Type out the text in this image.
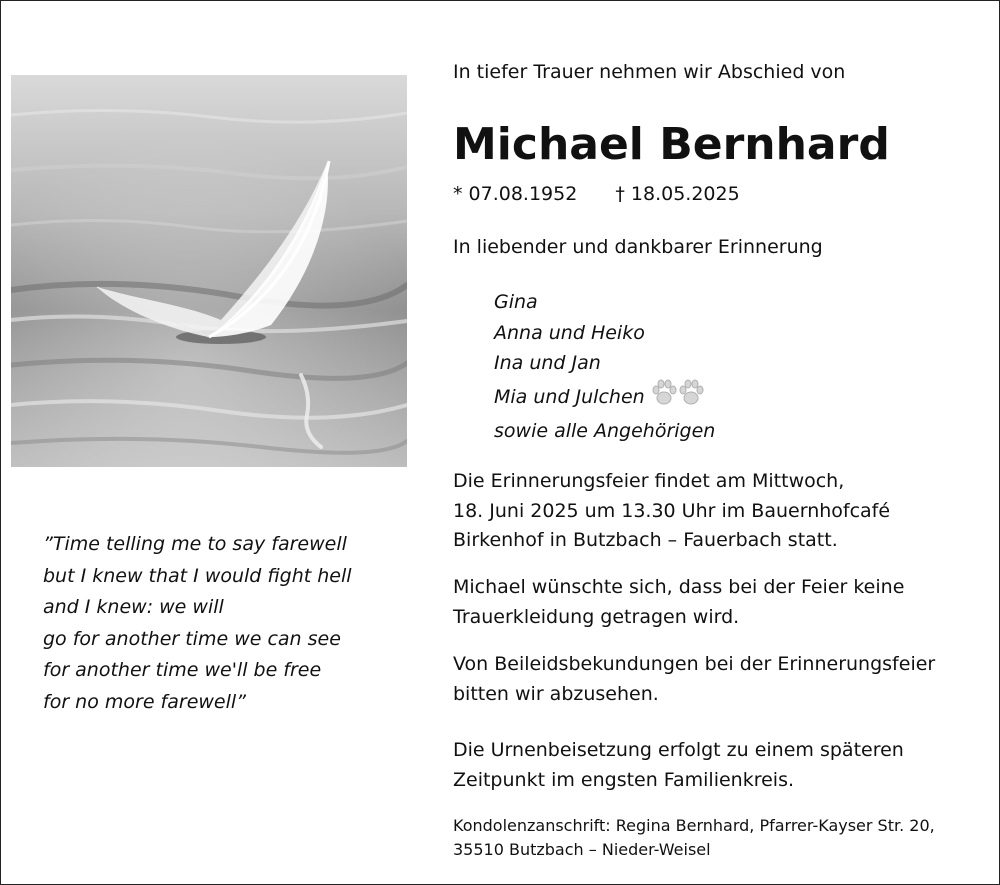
”Time telling me to say farewell
but I knew that I would fight hell
and I knew: we will
go for another time we can see
for another time we'll be free
for no more farewell”
In tiefer Trauer nehmen wir Abschied von
Michael Bernhard
* 07.08.1952 † 18.05.2025
In liebender und dankbarer Erinnerung
Gina
Anna und Heiko
Ina und Jan
Mia und Julchen
sowie alle Angehörigen
Die Erinnerungsfeier findet am Mittwoch,
18. Juni 2025 um 13.30 Uhr im Bauernhofcafé
Birkenhof in Butzbach – Fauerbach statt.
Michael wünschte sich, dass bei der Feier keine
Trauerkleidung getragen wird.
Von Beileidsbekundungen bei der Erinnerungsfeier
bitten wir abzusehen.
Die Urnenbeisetzung erfolgt zu einem späteren
Zeitpunkt im engsten Familienkreis.
Kondolenzanschrift: Regina Bernhard, Pfarrer-Kayser Str. 20,
35510 Butzbach – Nieder-Weisel
